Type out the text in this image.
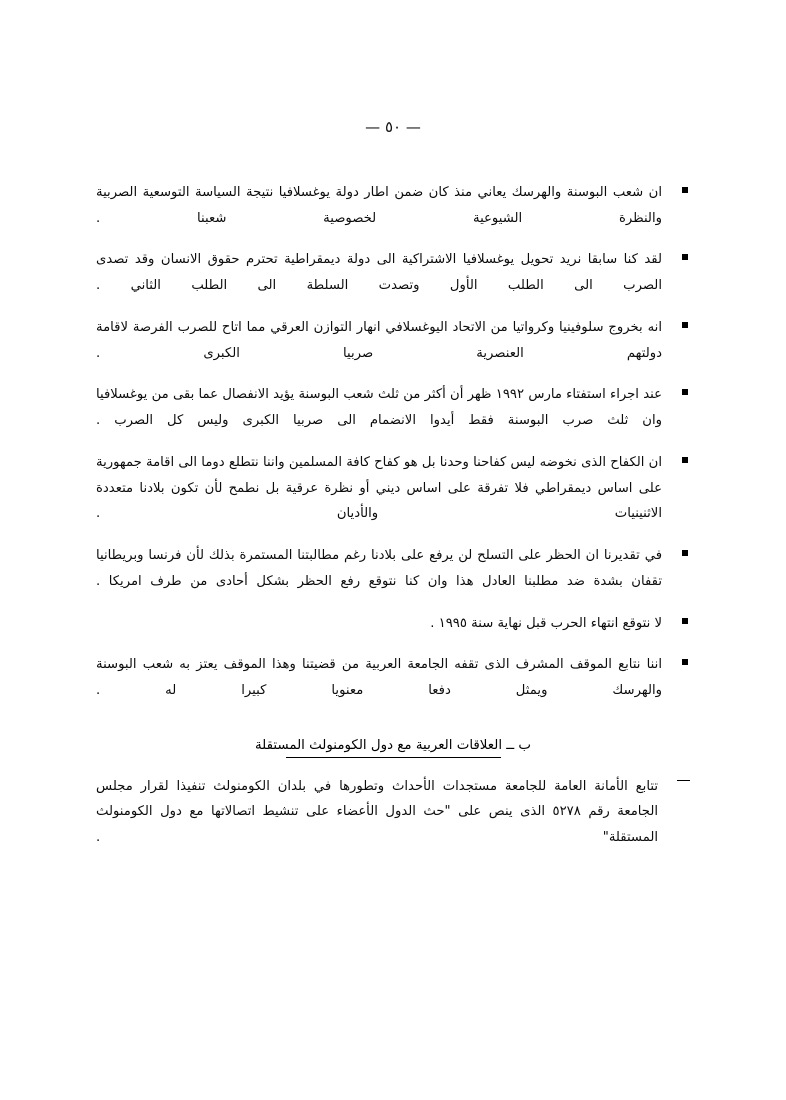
— ٥٠ —
ان شعب البوسنة والهرسك يعاني منذ كان ضمن اطار دولة يوغسلافيا نتيجة السياسة التوسعية الصربية والنظرة الشيوعية لخصوصية شعبنا .
لقد كنا سابقا نريد تحويل يوغسلافيا الاشتراكية الى دولة ديمقراطية تحترم حقوق الانسان وقد تصدى الصرب الى الطلب الأول وتصدت السلطة الى الطلب الثاني .
انه بخروج سلوفينيا وكرواتيا من الاتحاد اليوغسلافي انهار التوازن العرقي مما اتاح للصرب الفرصة لاقامة دولتهم العنصرية صربيا الكبرى .
عند اجراء استفتاء مارس ١٩٩٢ ظهر أن أكثر من ثلث شعب البوسنة يؤيد الانفصال عما بقى من يوغسلافيا وان ثلث صرب البوسنة فقط أيدوا الانضمام الى صربيا الكبرى وليس كل الصرب .
ان الكفاح الذى نخوضه ليس كفاحنا وحدنا بل هو كفاح كافة المسلمين واننا نتطلع دوما الى اقامة جمهورية على اساس ديمقراطي فلا تفرقة على اساس ديني أو نظرة عرقية بل نطمح لأن تكون بلادنا متعددة الاثنينيات والأديان .
في تقديرنا ان الحظر على التسلح لن يرفع على بلادنا رغم مطالبتنا المستمرة بذلك لأن فرنسا وبريطانيا تقفان بشدة ضد مطلبنا العادل هذا وان كنا نتوقع رفع الحظر بشكل أحادى من طرف امريكا .
لا نتوقع انتهاء الحرب قبل نهاية سنة ١٩٩٥ .
اننا نتابع الموقف المشرف الذى تقفه الجامعة العربية من قضيتنا وهذا الموقف يعتز به شعب البوسنة والهرسك ويمثل دفعا معنويا كبيرا له .
ب ــ العلاقات العربية مع دول الكومنولث المستقلة
تتابع الأمانة العامة للجامعة مستجدات الأحداث وتطورها في بلدان الكومنولث تنفيذا لقرار مجلس الجامعة رقم ٥٢٧٨ الذى ينص على "حث الدول الأعضاء على تنشيط اتصالاتها مع دول الكومنولث المستقلة" .
